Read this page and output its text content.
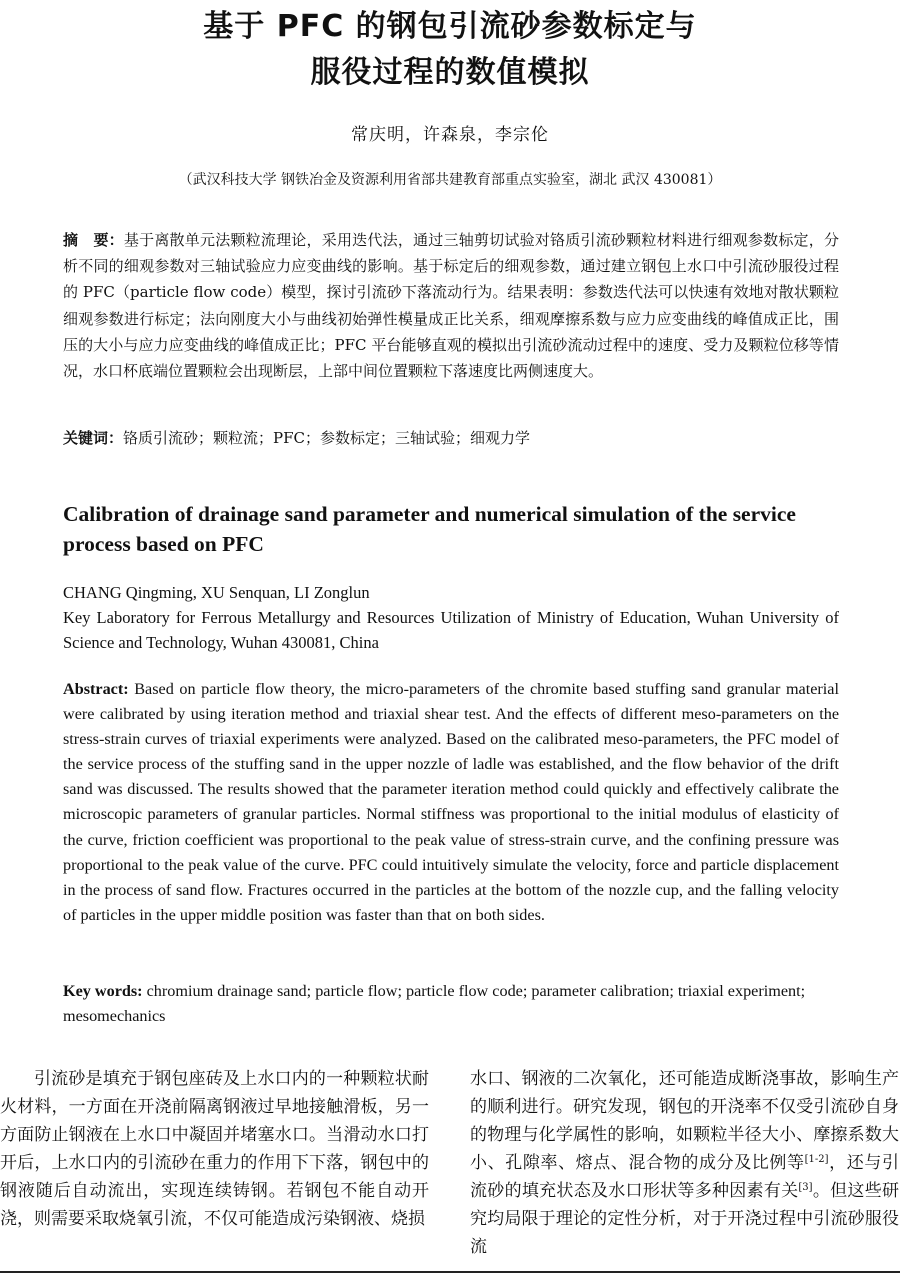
基于 PFC 的钢包引流砂参数标定与
服役过程的数值模拟
常庆明，许森泉，李宗伦
（武汉科技大学 钢铁冶金及资源利用省部共建教育部重点实验室，湖北 武汉 430081）
摘　要：基于离散单元法颗粒流理论，采用迭代法，通过三轴剪切试验对铬质引流砂颗粒材料进行细观参数标定，分析不同的细观参数对三轴试验应力应变曲线的影响。基于标定后的细观参数，通过建立钢包上水口中引流砂服役过程的 PFC（particle flow code）模型，探讨引流砂下落流动行为。结果表明：参数迭代法可以快速有效地对散状颗粒细观参数进行标定；法向刚度大小与曲线初始弹性模量成正比关系，细观摩擦系数与应力应变曲线的峰值成正比，围压的大小与应力应变曲线的峰值成正比；PFC 平台能够直观的模拟出引流砂流动过程中的速度、受力及颗粒位移等情况，水口杯底端位置颗粒会出现断层，上部中间位置颗粒下落速度比两侧速度大。
关键词：铬质引流砂；颗粒流；PFC；参数标定；三轴试验；细观力学
Calibration of drainage sand parameter and numerical simulation of the service
process based on PFC
CHANG Qingming, XU Senquan, LI Zonglun
Key Laboratory for Ferrous Metallurgy and Resources Utilization of Ministry of Education, Wuhan University of Science and Technology, Wuhan 430081, China
Abstract: Based on particle flow theory, the micro-parameters of the chromite based stuffing sand granular material were calibrated by using iteration method and triaxial shear test. And the effects of different meso-parameters on the stress-strain curves of triaxial experiments were analyzed. Based on the calibrated meso-parameters, the PFC model of the service process of the stuffing sand in the upper nozzle of ladle was established, and the flow behavior of the drift sand was discussed. The results showed that the parameter iteration method could quickly and effectively calibrate the microscopic parameters of granular particles. Normal stiffness was proportional to the initial modulus of elasticity of the curve, friction coefficient was proportional to the peak value of stress-strain curve, and the confining pressure was proportional to the peak value of the curve. PFC could intuitively simulate the velocity, force and particle displacement in the process of sand flow. Fractures occurred in the particles at the bottom of the nozzle cup, and the falling velocity of particles in the upper middle position was faster than that on both sides.
Key words: chromium drainage sand; particle flow; particle flow code; parameter calibration; triaxial experiment; mesomechanics
引流砂是填充于钢包座砖及上水口内的一种颗粒状耐火材料，一方面在开浇前隔离钢液过早地接触滑板，另一方面防止钢液在上水口中凝固并堵塞水口。当滑动水口打开后，上水口内的引流砂在重力的作用下下落，钢包中的钢液随后自动流出，实现连续铸钢。若钢包不能自动开浇，则需要采取烧氧引流，不仅可能造成污染钢液、烧损
水口、钢液的二次氧化，还可能造成断浇事故，影响生产的顺利进行。研究发现，钢包的开浇率不仅受引流砂自身的物理与化学属性的影响，如颗粒半径大小、摩擦系数大小、孔隙率、熔点、混合物的成分及比例等[1-2]，还与引流砂的填充状态及水口形状等多种因素有关[3]。但这些研究均局限于理论的定性分析，对于开浇过程中引流砂服役流
